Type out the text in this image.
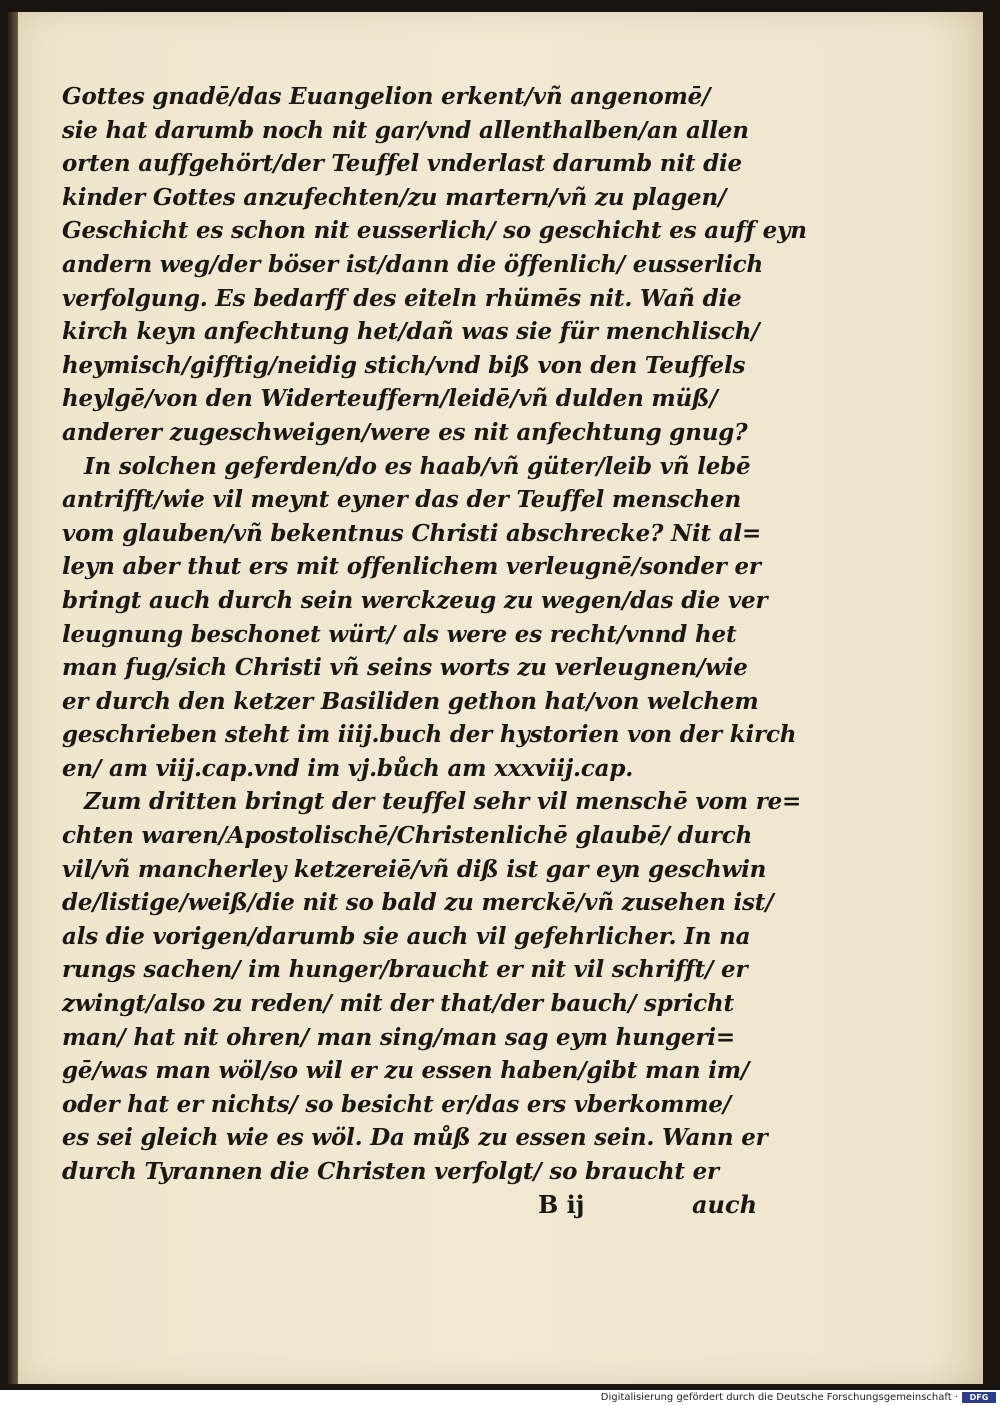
Gottes gnadē/das Euangelion erkent/vñ angenomē/
sie hat darumb noch nit gar/vnd allenthalben/an allen
orten auffgehört/der Teuffel vnderlast darumb nit die
kinder Gottes anzufechten/zu martern/vñ zu plagen/
Geschicht es schon nit eusserlich/ so geschicht es auff eyn
andern weg/der böser ist/dann die öffenlich/ eusserlich
verfolgung. Es bedarff des eiteln rhümēs nit. Wañ die
kirch keyn anfechtung het/dañ was sie für menchlisch/
heymisch/gifftig/neidig stich/vnd biß von den Teuffels
heylgē/von den Widerteuffern/leidē/vñ dulden müß/
anderer zugeschweigen/were es nit anfechtung gnug?
In solchen geferden/do es haab/vñ güter/leib vñ lebē
antrifft/wie vil meynt eyner das der Teuffel menschen
vom glauben/vñ bekentnus Christi abschrecke? Nit al=
leyn aber thut ers mit offenlichem verleugnē/sonder er
bringt auch durch sein werckzeug zu wegen/das die ver
leugnung beschonet würt/ als were es recht/vnnd het
man fug/sich Christi vñ seins worts zu verleugnen/wie
er durch den ketzer Basiliden gethon hat/von welchem
geschrieben steht im iiij.buch der hystorien von der kirch
en/ am viij.cap.vnd im vj.bůch am xxxviij.cap.
Zum dritten bringt der teuffel sehr vil menschē vom re=
chten waren/Apostolischē/Christenlichē glaubē/ durch
vil/vñ mancherley ketzereiē/vñ diß ist gar eyn geschwin
de/listige/weiß/die nit so bald zu merckē/vñ zusehen ist/
als die vorigen/darumb sie auch vil gefehrlicher. In na
rungs sachen/ im hunger/braucht er nit vil schrifft/ er
zwingt/also zu reden/ mit der that/der bauch/ spricht
man/ hat nit ohren/ man sing/man sag eym hungeri=
gē/was man wöl/so wil er zu essen haben/gibt man im/
oder hat er nichts/ so besicht er/das ers vberkomme/
es sei gleich wie es wöl. Da můß zu essen sein. Wann er
durch Tyrannen die Christen verfolgt/ so braucht er
B ij	auch
Digitalisierung gefördert durch die Deutsche Forschungsgemeinschaft ·	DFG
